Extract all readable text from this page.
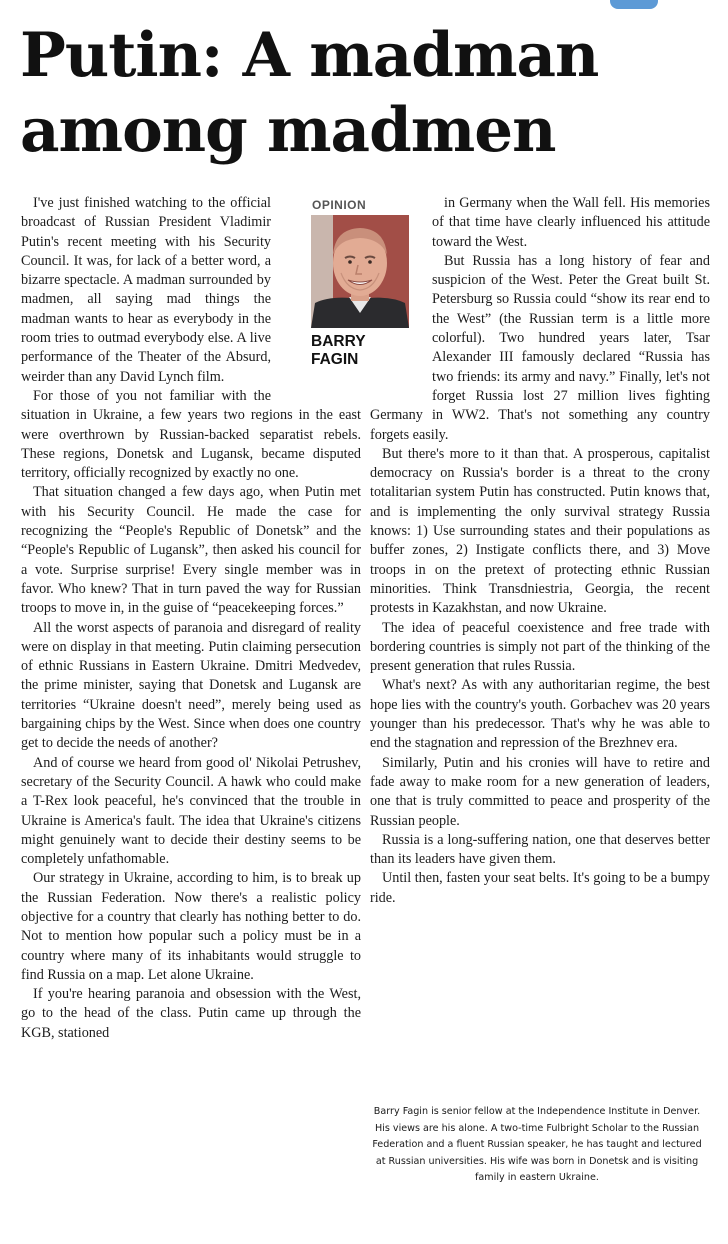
Putin: A madman among madmen

I've just finished watching to the official broadcast of Russian President Vladimir Putin's recent meeting with his Security Council. It was, for lack of a better word, a bizarre spectacle. A madman surrounded by madmen, all saying mad things the madman wants to hear as everybody in the room tries to outmad everybody else. A live performance of the Theater of the Absurd, weirder than any David Lynch film.

For those of you not familiar with the situation in Ukraine, a few years two regions in the east were overthrown by Russian-backed separatist rebels. These regions, Donetsk and Lugansk, became disputed territory, officially recognized by exactly no one.

That situation changed a few days ago, when Putin met with his Security Council. He made the case for recognizing the “People's Republic of Donetsk” and the “People's Republic of Lugansk”, then asked his council for a vote. Surprise surprise! Every single member was in favor. Who knew? That in turn paved the way for Russian troops to move in, in the guise of “peacekeeping forces.”

All the worst aspects of paranoia and disregard of reality were on display in that meeting. Putin claiming persecution of ethnic Russians in Eastern Ukraine. Dmitri Medvedev, the prime minister, saying that Donetsk and Lugansk are territories “Ukraine doesn't need”, merely being used as bargaining chips by the West. Since when does one country get to decide the needs of another?

And of course we heard from good ol' Nikolai Petrushev, secretary of the Security Council. A hawk who could make a T-Rex look peaceful, he's convinced that the trouble in Ukraine is America's fault. The idea that Ukraine's citizens might genuinely want to decide their destiny seems to be completely unfathomable.

Our strategy in Ukraine, according to him, is to break up the Russian Federation. Now there's a realistic policy objective for a country that clearly has nothing better to do. Not to mention how popular such a policy must be in a country where many of its inhabitants would struggle to find Russia on a map. Let alone Ukraine.

If you're hearing paranoia and obsession with the West, go to the head of the class. Putin came up through the KGB, stationed

in Germany when the Wall fell. His memories of that time have clearly influenced his attitude toward the West.

But Russia has a long history of fear and suspicion of the West. Peter the Great built St. Petersburg so Russia could “show its rear end to the West” (the Russian term is a little more colorful). Two hundred years later, Tsar Alexander III famously declared “Russia has two friends: its army and navy.” Finally, let's not forget Russia lost 27 million lives fighting Germany in WW2. That's not something any country forgets easily.

But there's more to it than that. A prosperous, capitalist democracy on Russia's border is a threat to the crony totalitarian system Putin has constructed. Putin knows that, and is implementing the only survival strategy Russia knows: 1) Use surrounding states and their populations as buffer zones, 2) Instigate conflicts there, and 3) Move troops in on the pretext of protecting ethnic Russian minorities. Think Transdniestria, Georgia, the recent protests in Kazakhstan, and now Ukraine.

The idea of peaceful coexistence and free trade with bordering countries is simply not part of the thinking of the present generation that rules Russia.

What's next? As with any authoritarian regime, the best hope lies with the country's youth. Gorbachev was 20 years younger than his predecessor. That's why he was able to end the stagnation and repression of the Brezhnev era.

Similarly, Putin and his cronies will have to retire and fade away to make room for a new generation of leaders, one that is truly committed to peace and prosperity of the Russian people.

Russia is a long-suffering nation, one that deserves better than its leaders have given them.

Until then, fasten your seat belts. It's going to be a bumpy ride.

OPINION
BARRY
FAGIN

Barry Fagin is senior fellow at the Independence Institute in Denver. His views are his alone. A two-time Fulbright Scholar to the Russian Federation and a fluent Russian speaker, he has taught and lectured at Russian universities. His wife was born in Donetsk and is visiting family in eastern Ukraine.
